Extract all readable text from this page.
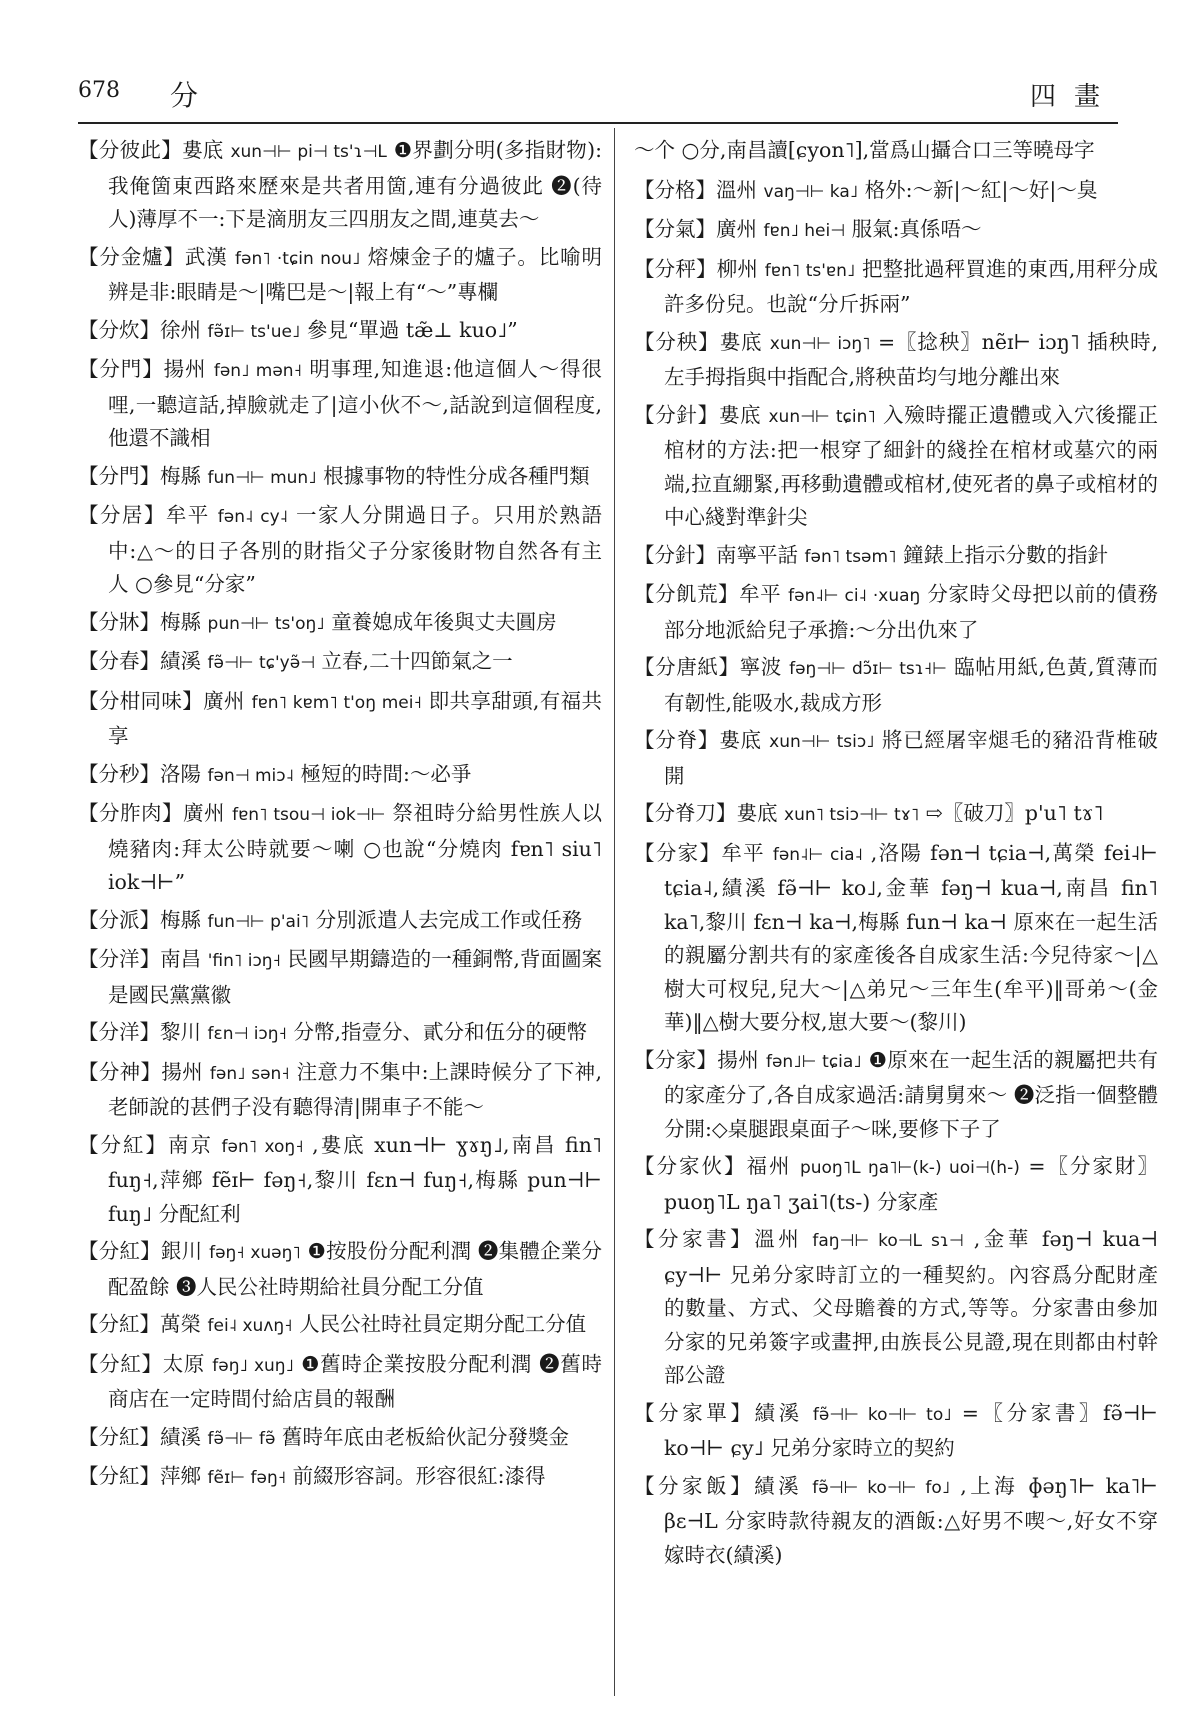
678 分	四畫

【分彼此】婁底 xun⊣⊢ pi⊣ ts'ɿ⊣L ❶界劃分明(多指財物):我俺箇東西路來歷來是共者用箇,連有分過彼此 ❷(待人)薄厚不一:下是滴朋友三四朋友之間,連莫去～

【分金爐】武漢 fən˥ ·tɕin nou˩ 熔煉金子的爐子。比喻明辨是非:眼睛是～|嘴巴是～|報上有“～”專欄

【分炊】徐州 fə̃ɪ⊢ ts'ue˩ 參見“單過 tæ̃⊥ kuo˩”

【分門】揚州 fən˩ mən˧ 明事理,知進退:他這個人～得很哩,一聽這話,掉臉就走了|這小伙不～,話說到這個程度,他還不識相

【分門】梅縣 fun⊣⊢ mun˩ 根據事物的特性分成各種門類

【分居】牟平 fən˨ cy˨ 一家人分開過日子。只用於熟語中:△～的日子各別的財指父子分家後財物自然各有主人 ○參見“分家”

【分牀】梅縣 pun⊣⊢ ts'oŋ˩ 童養媳成年後與丈夫圓房

【分春】績溪 fə̃⊣⊢ tɕ'yə̃⊣ 立春,二十四節氣之一

【分柑同味】廣州 fɐn˥ kɐm˥ t'oŋ mei˧ 即共享甜頭,有福共享

【分秒】洛陽 fən⊣ miɔ˨ 極短的時間:～必爭

【分胙肉】廣州 fɐn˥ tsou⊣ iok⊣⊢ 祭祖時分給男性族人以燒豬肉:拜太公時就要～喇 ○也說“分燒肉 fɐn˥ siu˥ iok⊣⊢”

【分派】梅縣 fun⊣⊢ p'ai˥ 分別派遣人去完成工作或任務

【分洋】南昌 'fin˥ iɔŋ˧ 民國早期鑄造的一種銅幣,背面圖案是國民黨黨徽

【分洋】黎川 fɛn⊣ iɔŋ˧ 分幣,指壹分、貳分和伍分的硬幣

【分神】揚州 fən˩ sən˧ 注意力不集中:上課時候分了下神,老師說的甚們子没有聽得清|開車子不能～

【分紅】南京 fən˥ xoŋ˧ ,婁底 xun⊣⊢ ɣɤŋ˩,南昌 fin˥ fuŋ˧,萍鄉 fẽɪ⊢ fəŋ˧,黎川 fɛn⊣ fuŋ˧,梅縣 pun⊣⊢ fuŋ˩ 分配紅利

【分紅】銀川 fəŋ˧ xuəŋ˥ ❶按股份分配利潤 ❷集體企業分配盈餘 ❸人民公社時期給社員分配工分值

【分紅】萬榮 fei˨ xuʌŋ˧ 人民公社時社員定期分配工分值

【分紅】太原 fəŋ˩ xuŋ˩ ❶舊時企業按股分配利潤 ❷舊時商店在一定時間付給店員的報酬

【分紅】績溪 fə̃⊣⊢ fə̃ 舊時年底由老板給伙記分發獎金

【分紅】萍鄉 fẽɪ⊢ fəŋ˧ 前綴形容詞。形容很紅:漆得

～个 ○分,南昌讀[ɕyon˥],當爲山攝合口三等曉母字

【分格】溫州 vaŋ⊣⊢ ka˩ 格外:～新|～紅|～好|～臭

【分氣】廣州 fɐn˩ hei⊣ 服氣:真係唔～

【分秤】柳州 fɐn˥ ts'ɐn˩ 把整批過秤買進的東西,用秤分成許多份兒。也說“分斤拆兩”

【分秧】婁底 xun⊣⊢ iɔŋ˥ =〖捻秧〗nẽɪ⊢ iɔŋ˥ 插秧時,左手拇指與中指配合,將秧苗均勻地分離出來

【分針】婁底 xun⊣⊢ tɕin˥ 入殮時擺正遺體或入穴後擺正棺材的方法:把一根穿了細針的綫拴在棺材或墓穴的兩端,拉直綳緊,再移動遺體或棺材,使死者的鼻子或棺材的中心綫對準針尖

【分針】南寧平話 fən˥ tsəm˥ 鐘錶上指示分數的指針

【分飢荒】牟平 fən˨⊢ ci˨ ·xuaŋ 分家時父母把以前的債務部分地派給兒子承擔:～分出仇來了

【分唐紙】寧波 fəŋ⊣⊢ dɔ̃ɪ⊢ tsɿ˧⊢ 臨帖用紙,色黃,質薄而有韌性,能吸水,裁成方形

【分脊】婁底 xun⊣⊢ tsiɔ˩ 將已經屠宰煺毛的豬沿背椎破開

【分脊刀】婁底 xun˥ tsiɔ⊣⊢ tɤ˥ ⇨〖破刀〗p'u˥ tɤ˥

【分家】牟平 fən˨⊢ cia˨ ,洛陽 fən⊣ tɕia⊣,萬榮 fei˨⊢ tɕia˨,績溪 fə̃⊣⊢ ko˩,金華 fəŋ⊣ kua⊣,南昌 fin˥ ka˥,黎川 fɛn⊣ ka⊣,梅縣 fun⊣ ka⊣ 原來在一起生活的親屬分割共有的家產後各自成家生活:今兒待家～|△樹大可杈兒,兒大～|△弟兄～三年生(牟平)‖哥弟～(金華)‖△樹大要分杈,崽大要～(黎川)

【分家】揚州 fən˩⊢ tɕia˩ ❶原來在一起生活的親屬把共有的家產分了,各自成家過活:請舅舅來～ ❷泛指一個整體分開:◇桌腿跟桌面子～咪,要修下子了

【分家伙】福州 puoŋ˥L ŋa˥⊢(k-) uoi⊣(h-) =〖分家財〗puoŋ˥L ŋa˥ ʒai˥(ts-) 分家產

【分家書】溫州 faŋ⊣⊢ ko⊣L sɿ⊣ ,金華 fəŋ⊣ kua⊣ ɕy⊣⊢ 兄弟分家時訂立的一種契約。內容爲分配財產的數量、方式、父母贍養的方式,等等。分家書由參加分家的兄弟簽字或畫押,由族長公見證,現在則都由村幹部公證

【分家單】績溪 fə̃⊣⊢ ko⊣⊢ to˩ =〖分家書〗fə̃⊣⊢ ko⊣⊢ ɕy˩ 兄弟分家時立的契約

【分家飯】績溪 fə̃⊣⊢ ko⊣⊢ fo˩ ,上海 ɸəŋ˥⊢ ka˥⊢ βɛ⊣L 分家時款待親友的酒飯:△好男不喫～,好女不穿嫁時衣(績溪)
